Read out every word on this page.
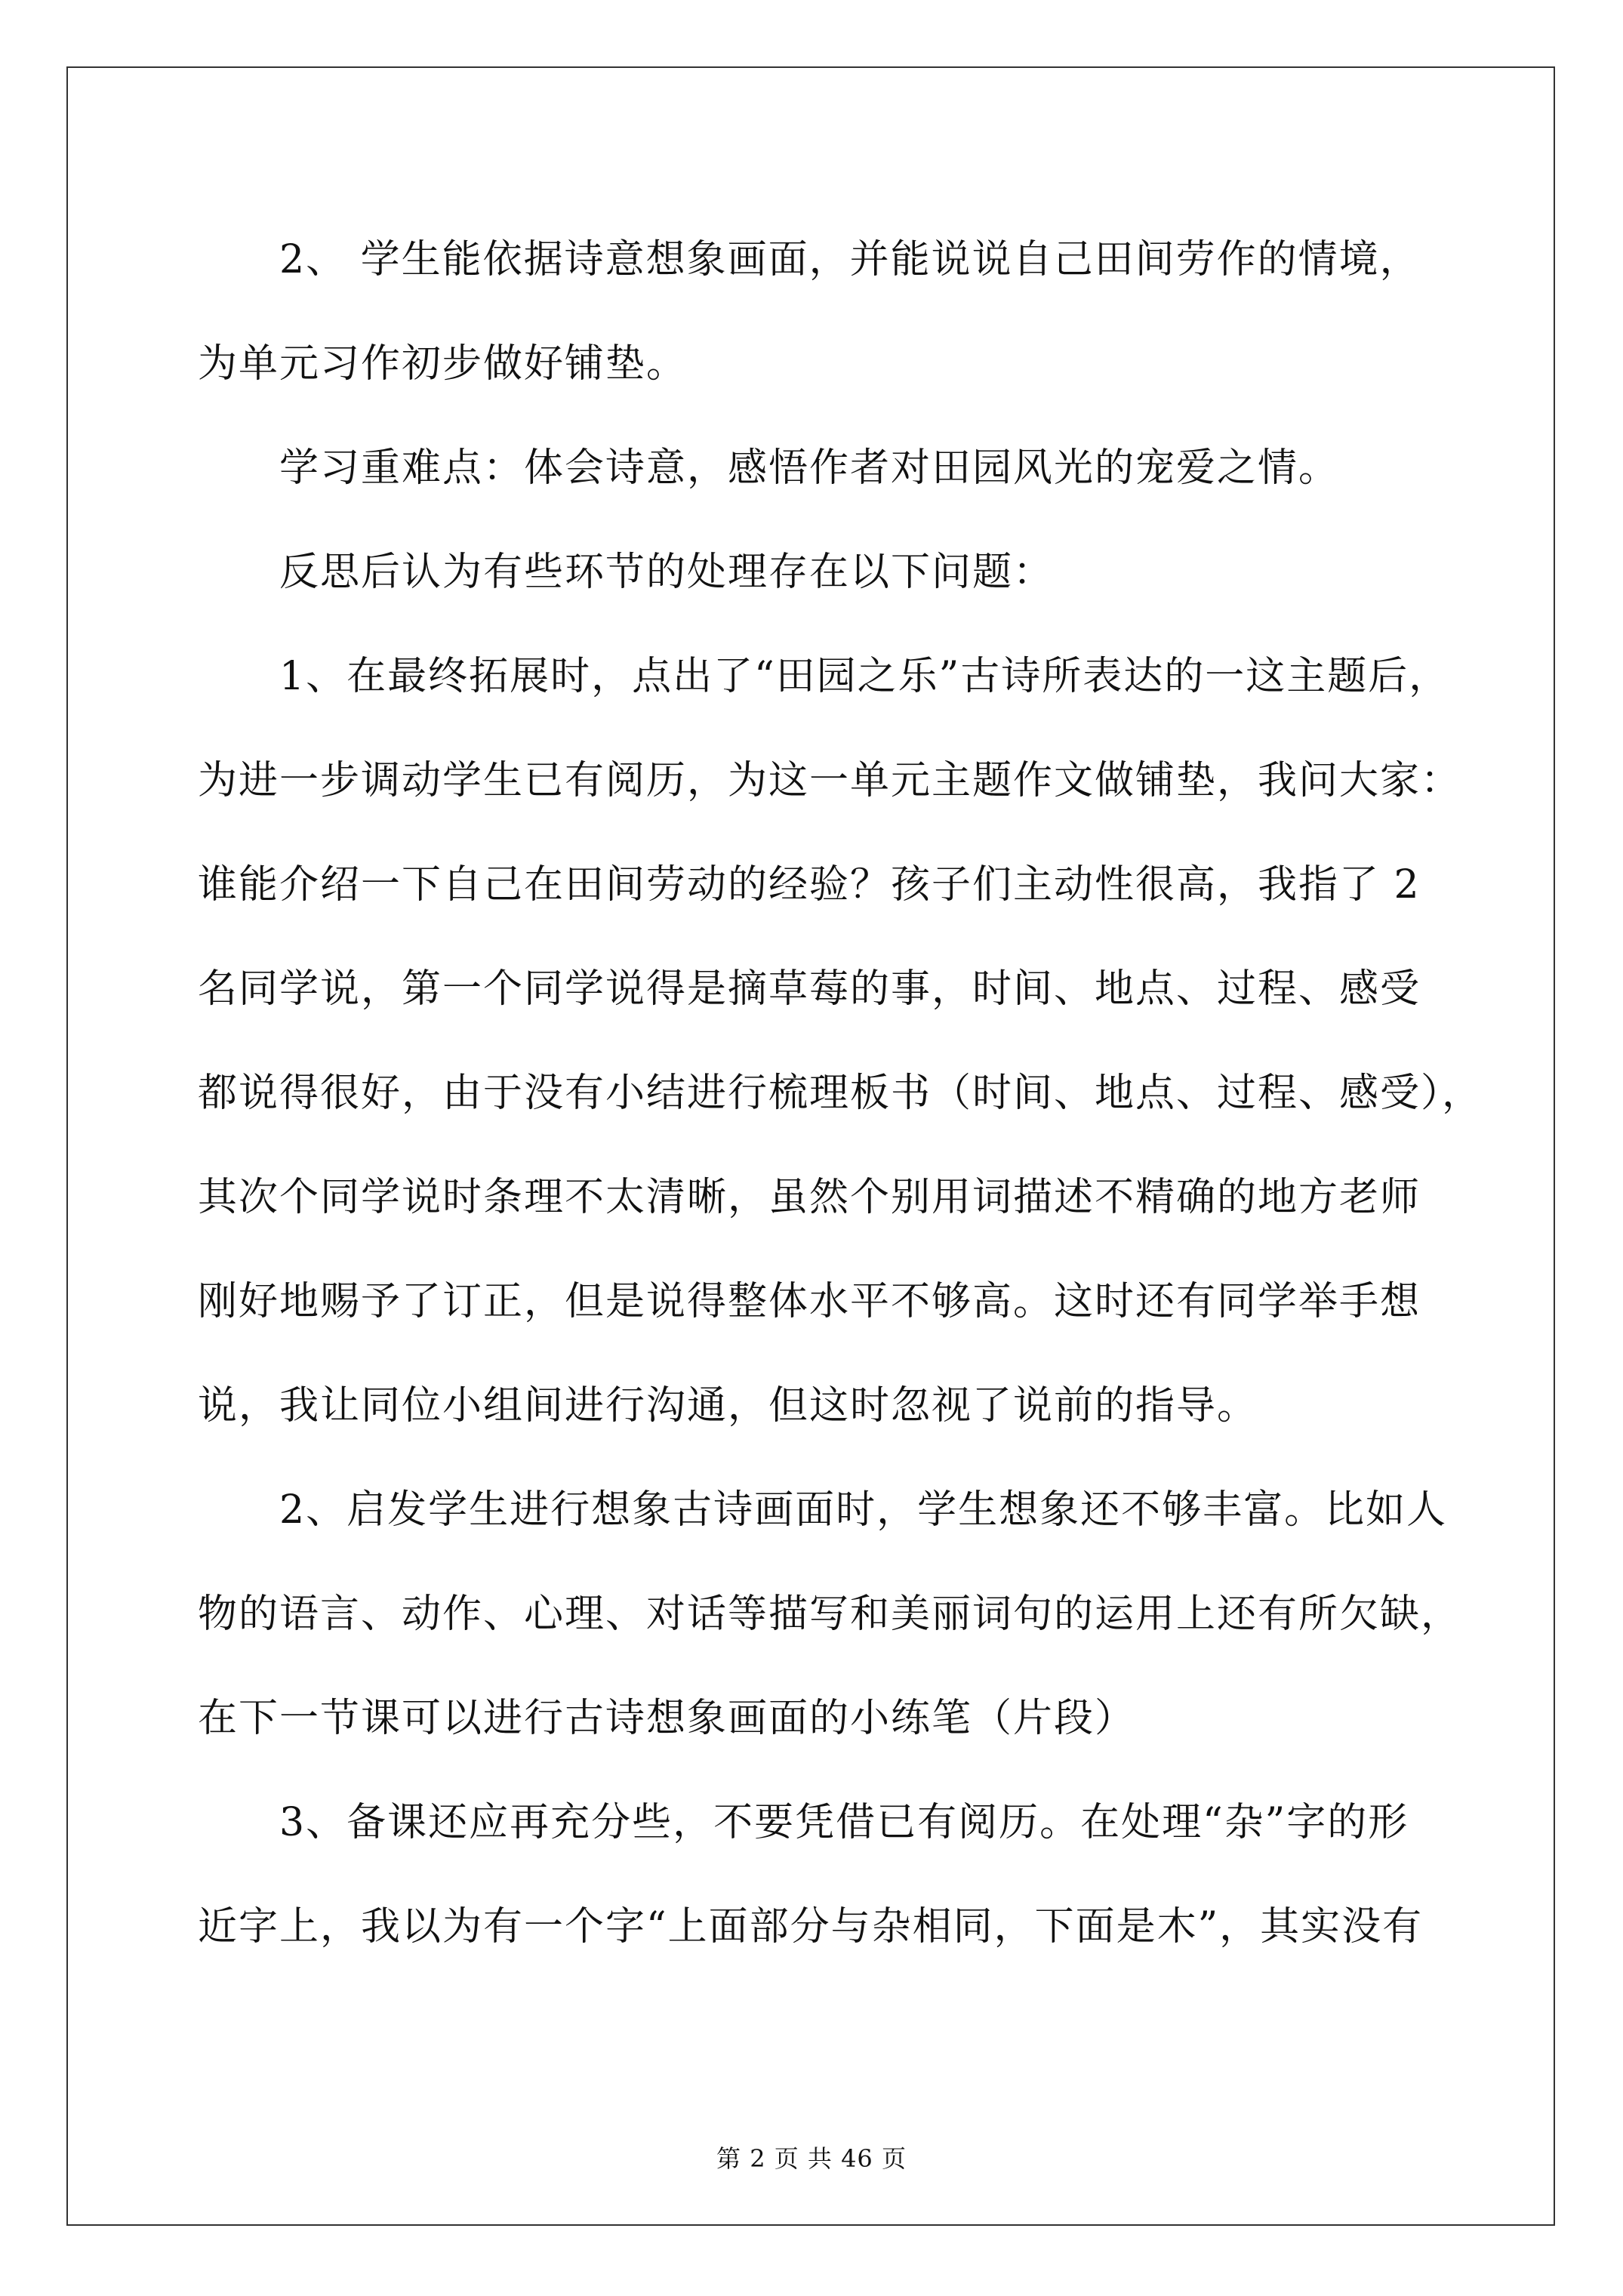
2、 学生能依据诗意想象画面，并能说说自己田间劳作的情境，
为单元习作初步做好铺垫。
学习重难点：体会诗意，感悟作者对田园风光的宠爱之情。
反思后认为有些环节的处理存在以下问题：
1、在最终拓展时，点出了“田园之乐”古诗所表达的一这主题后，
为进一步调动学生已有阅历，为这一单元主题作文做铺垫，我问大家：
谁能介绍一下自己在田间劳动的经验？孩子们主动性很高，我指了 2
名同学说，第一个同学说得是摘草莓的事，时间、地点、过程、感受
都说得很好，由于没有小结进行梳理板书（时间、地点、过程、感受），
其次个同学说时条理不太清晰，虽然个别用词描述不精确的地方老师
刚好地赐予了订正，但是说得整体水平不够高。这时还有同学举手想
说，我让同位小组间进行沟通，但这时忽视了说前的指导。
2、启发学生进行想象古诗画面时，学生想象还不够丰富。比如人
物的语言、动作、心理、对话等描写和美丽词句的运用上还有所欠缺，
在下一节课可以进行古诗想象画面的小练笔（片段）
3、备课还应再充分些，不要凭借已有阅历。在处理“杂”字的形
近字上，我以为有一个字“上面部分与杂相同，下面是木”，其实没有
第 2 页 共 46 页
